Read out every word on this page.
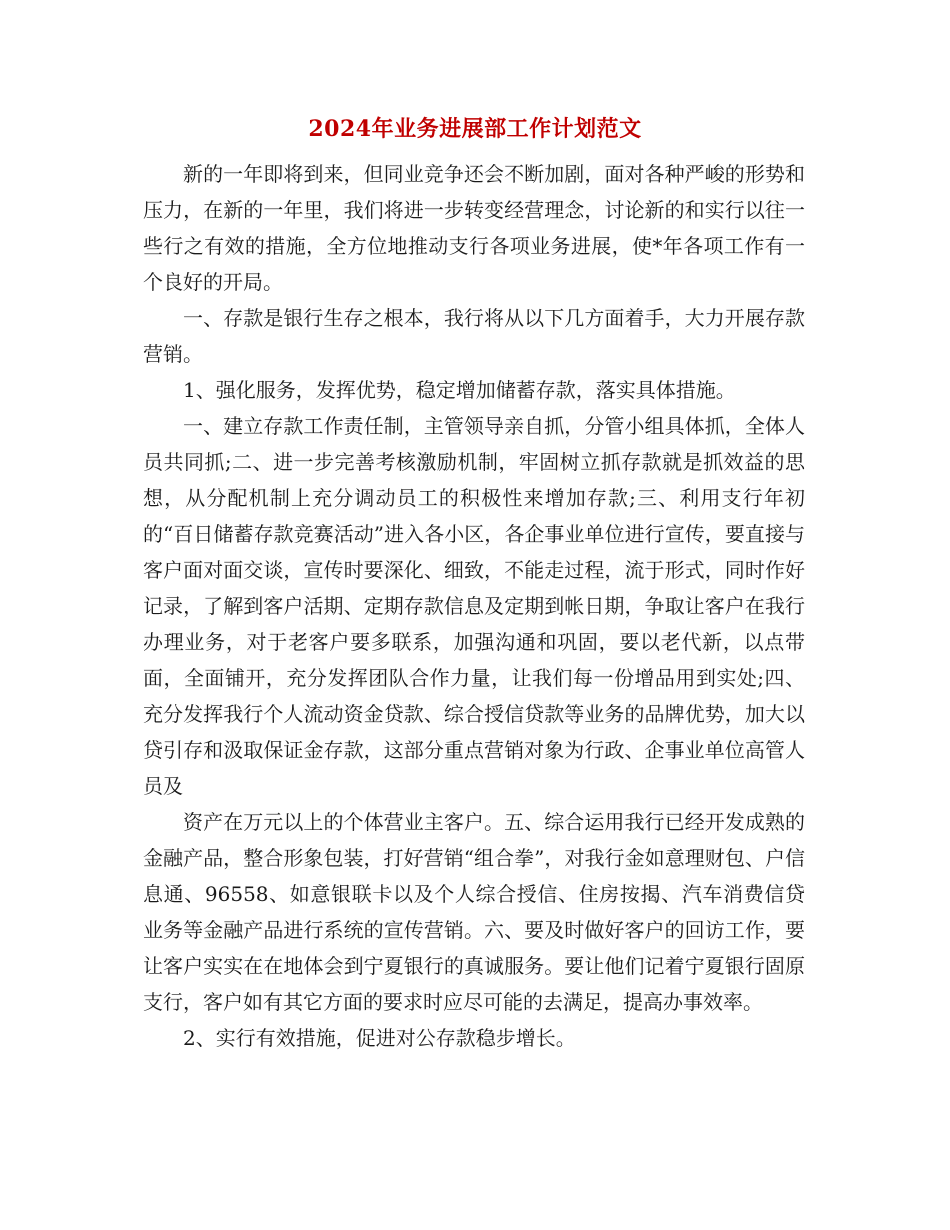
2024年业务进展部工作计划范文

新的一年即将到来，但同业竞争还会不断加剧，面对各种严峻的形势和压力，在新的一年里，我们将进一步转变经营理念，讨论新的和实行以往一些行之有效的措施，全方位地推动支行各项业务进展，使*年各项工作有一个良好的开局。

一、存款是银行生存之根本，我行将从以下几方面着手，大力开展存款营销。

1、强化服务，发挥优势，稳定增加储蓄存款，落实具体措施。

一、建立存款工作责任制，主管领导亲自抓，分管小组具体抓，全体人员共同抓;二、进一步完善考核激励机制，牢固树立抓存款就是抓效益的思想，从分配机制上充分调动员工的积极性来增加存款;三、利用支行年初的“百日储蓄存款竞赛活动”进入各小区，各企事业单位进行宣传，要直接与客户面对面交谈，宣传时要深化、细致，不能走过程，流于形式，同时作好记录，了解到客户活期、定期存款信息及定期到帐日期，争取让客户在我行办理业务，对于老客户要多联系，加强沟通和巩固，要以老代新，以点带面，全面铺开，充分发挥团队合作力量，让我们每一份增品用到实处;四、充分发挥我行个人流动资金贷款、综合授信贷款等业务的品牌优势，加大以贷引存和汲取保证金存款，这部分重点营销对象为行政、企事业单位高管人员及

资产在万元以上的个体营业主客户。五、综合运用我行已经开发成熟的金融产品，整合形象包装，打好营销“组合拳”，对我行金如意理财包、户信息通、96558、如意银联卡以及个人综合授信、住房按揭、汽车消费信贷业务等金融产品进行系统的宣传营销。六、要及时做好客户的回访工作，要让客户实实在在地体会到宁夏银行的真诚服务。要让他们记着宁夏银行固原支行，客户如有其它方面的要求时应尽可能的去满足，提高办事效率。

2、实行有效措施，促进对公存款稳步增长。
